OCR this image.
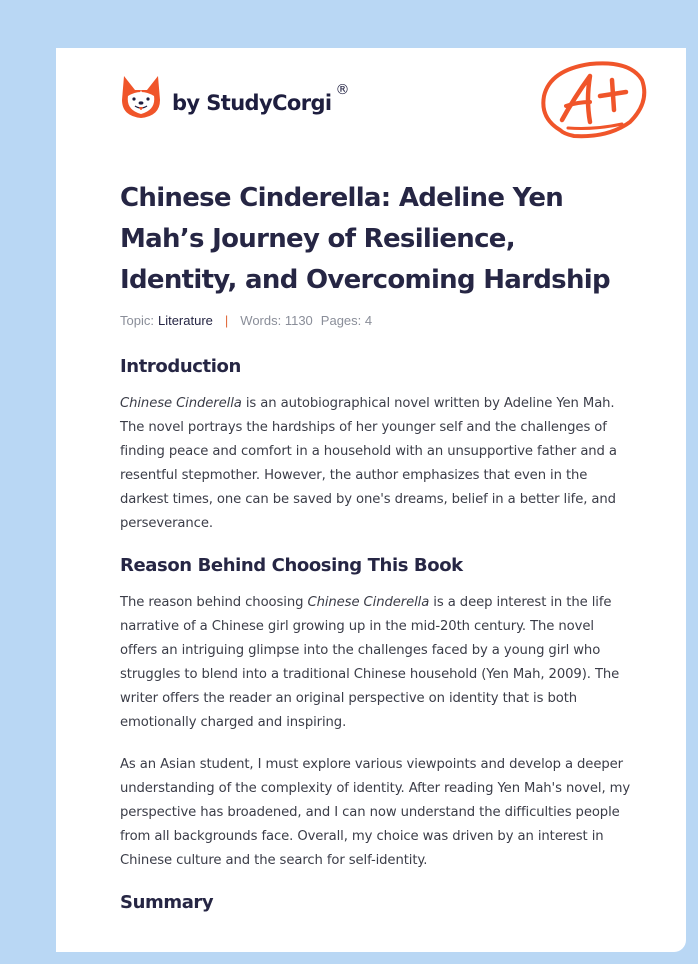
by StudyCorgi
®
Chinese Cinderella: Adeline Yen Mah’s Journey of Resilience, Identity, and Overcoming Hardship
Topic: Literature | Words: 1130 Pages: 4
Introduction

Chinese Cinderella is an autobiographical novel written by Adeline Yen Mah. The novel portrays the hardships of her younger self and the challenges of finding peace and comfort in a household with an unsupportive father and a resentful stepmother. However, the author emphasizes that even in the darkest times, one can be saved by one's dreams, belief in a better life, and perseverance.

Reason Behind Choosing This Book

The reason behind choosing Chinese Cinderella is a deep interest in the life narrative of a Chinese girl growing up in the mid-20th century. The novel offers an intriguing glimpse into the challenges faced by a young girl who struggles to blend into a traditional Chinese household (Yen Mah, 2009). The writer offers the reader an original perspective on identity that is both emotionally charged and inspiring.

As an Asian student, I must explore various viewpoints and develop a deeper understanding of the complexity of identity. After reading Yen Mah's novel, my perspective has broadened, and I can now understand the difficulties people from all backgrounds face. Overall, my choice was driven by an interest in Chinese culture and the search for self-identity.

Summary
